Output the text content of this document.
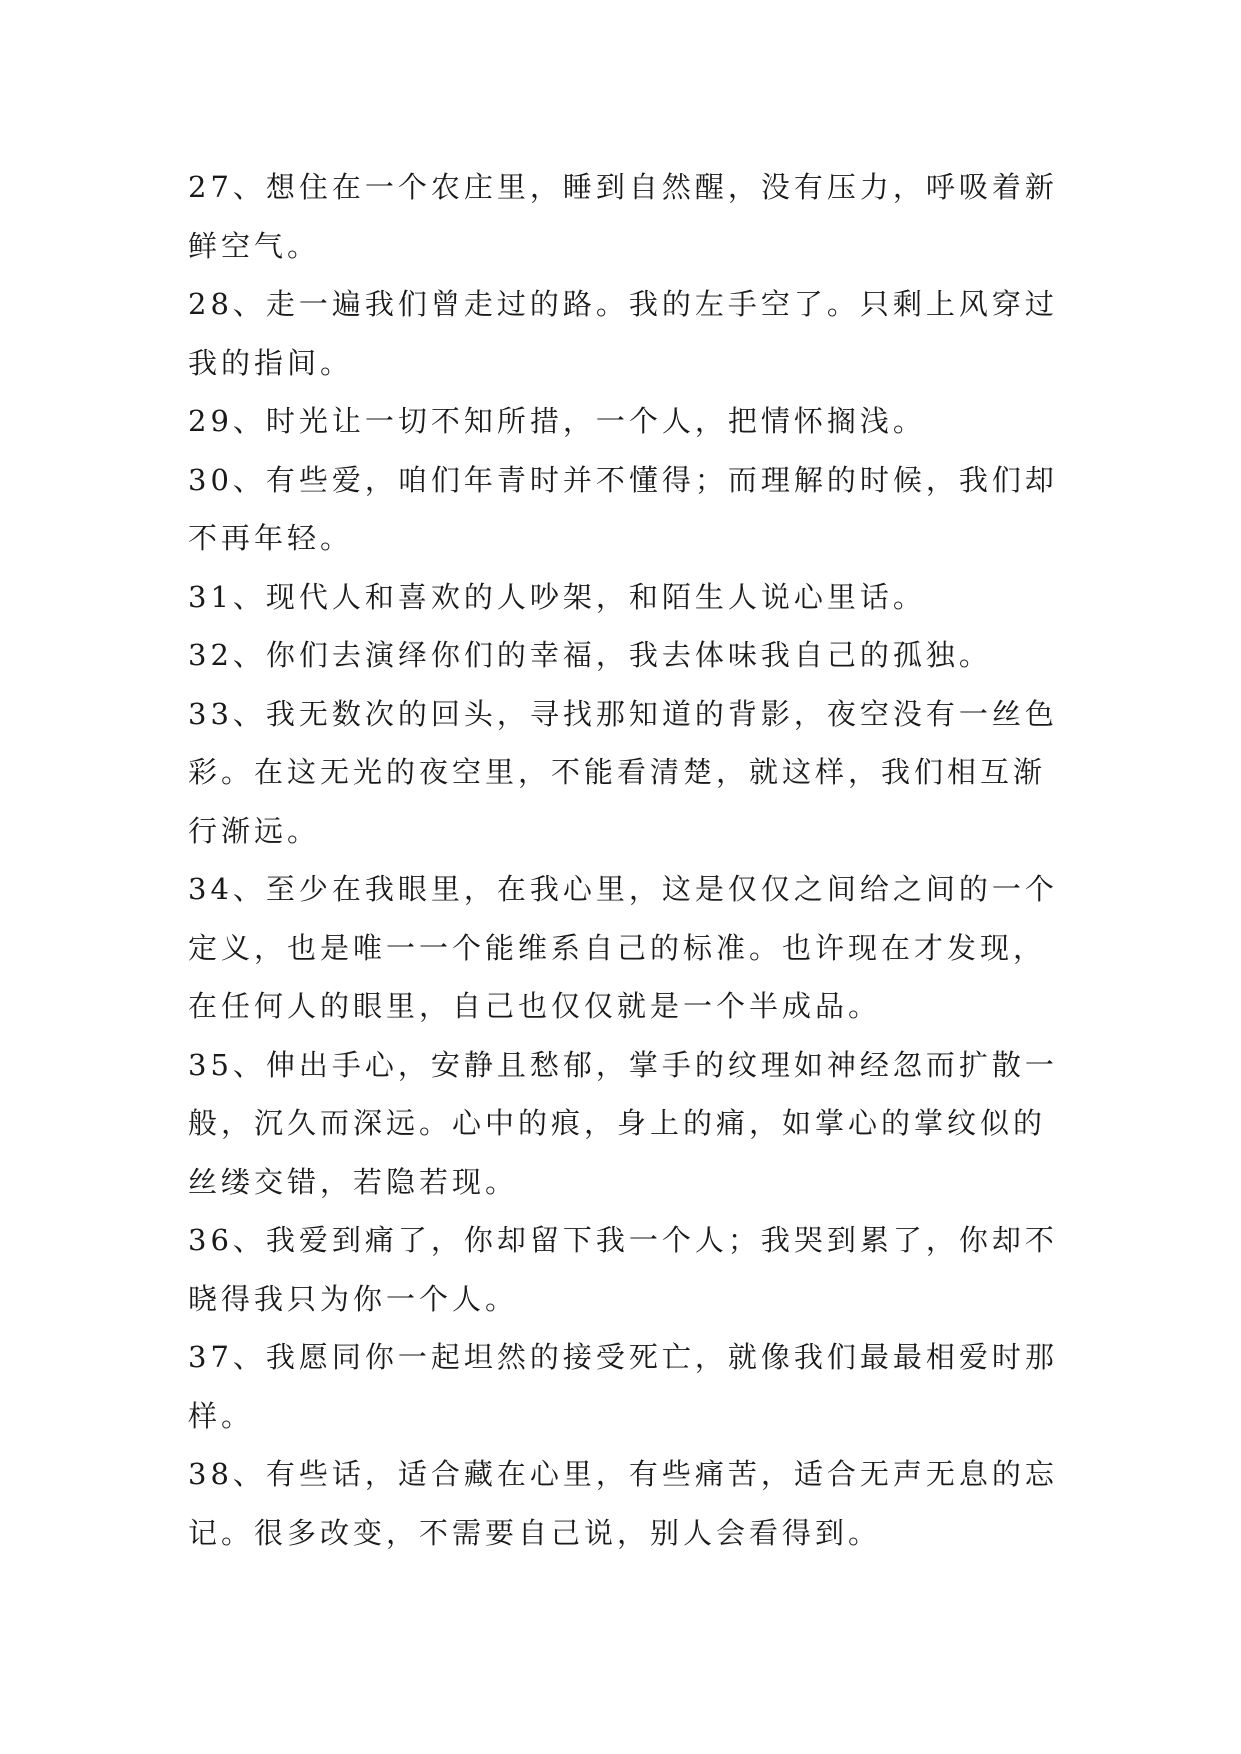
27、想住在一个农庄里，睡到自然醒，没有压力，呼吸着新
鲜空气。

28、走一遍我们曾走过的路。我的左手空了。只剩上风穿过
我的指间。

29、时光让一切不知所措，一个人，把情怀搁浅。

30、有些爱，咱们年青时并不懂得；而理解的时候，我们却
不再年轻。

31、现代人和喜欢的人吵架，和陌生人说心里话。

32、你们去演绎你们的幸福，我去体味我自己的孤独。

33、我无数次的回头，寻找那知道的背影，夜空没有一丝色
彩。在这无光的夜空里，不能看清楚，就这样，我们相互渐
行渐远。

34、至少在我眼里，在我心里，这是仅仅之间给之间的一个
定义，也是唯一一个能维系自己的标准。也许现在才发现，
在任何人的眼里，自己也仅仅就是一个半成品。

35、伸出手心，安静且愁郁，掌手的纹理如神经忽而扩散一
般，沉久而深远。心中的痕，身上的痛，如掌心的掌纹似的
丝缕交错，若隐若现。

36、我爱到痛了，你却留下我一个人；我哭到累了，你却不
晓得我只为你一个人。

37、我愿同你一起坦然的接受死亡，就像我们最最相爱时那
样。

38、有些话，适合藏在心里，有些痛苦，适合无声无息的忘
记。很多改变，不需要自己说，别人会看得到。
